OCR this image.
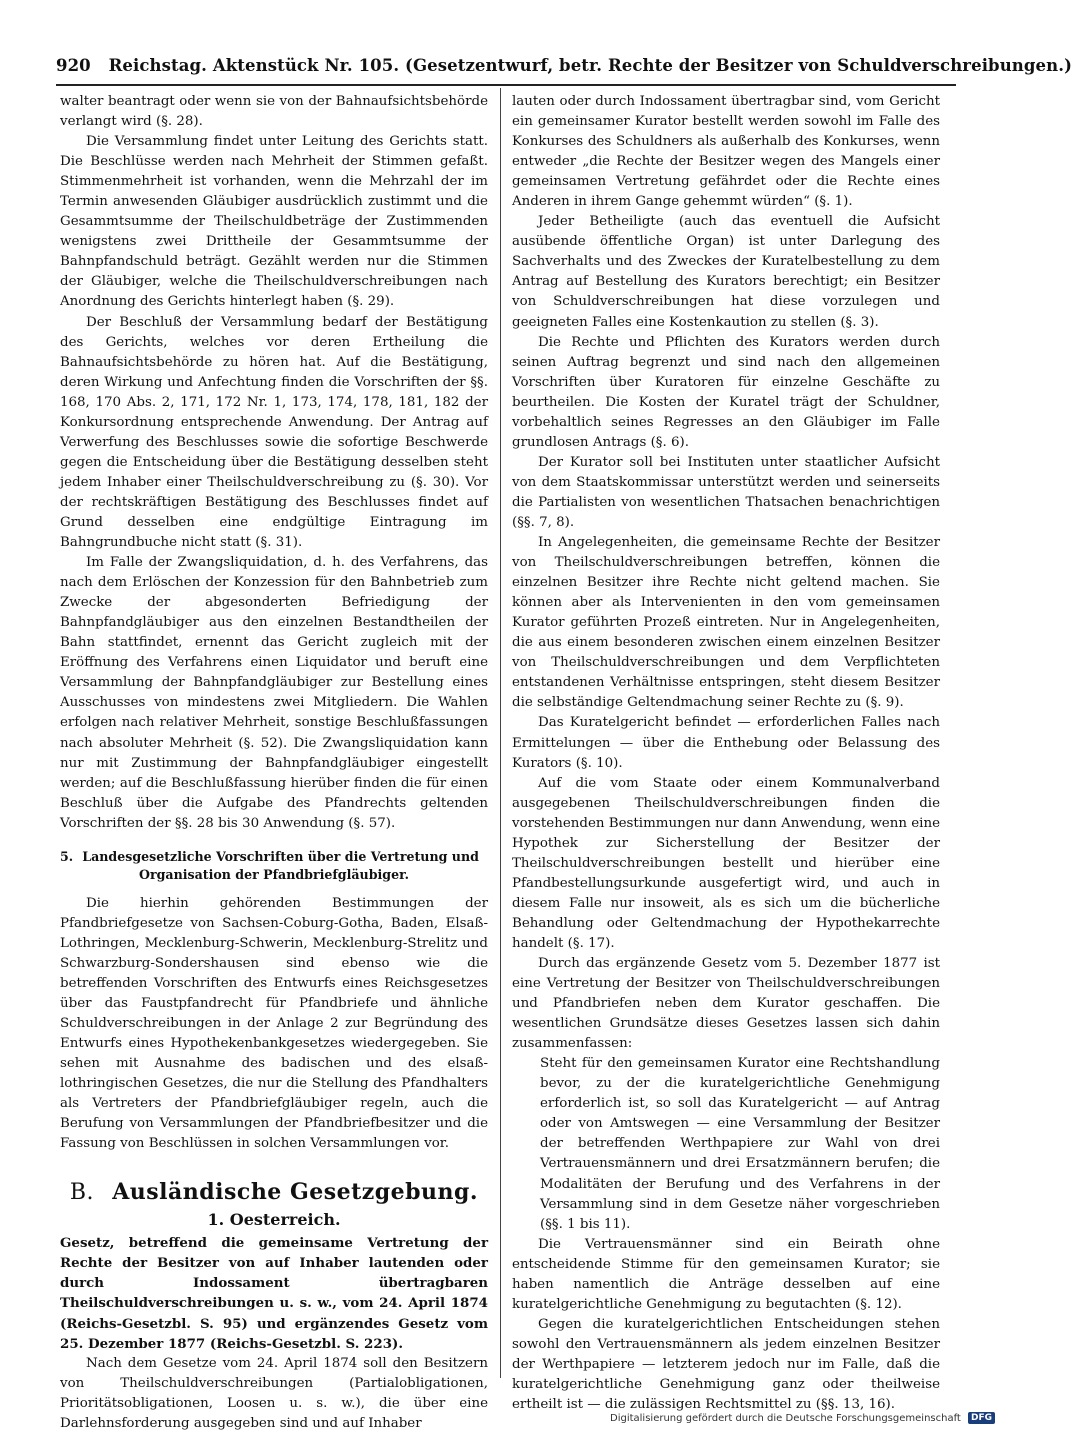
920 Reichstag. Aktenstück Nr. 105. (Gesetzentwurf, betr. Rechte der Besitzer von Schuldverschreibungen.)

walter beantragt oder wenn sie von der Bahnaufsichtsbehörde verlangt wird (§. 28).

Die Versammlung findet unter Leitung des Gerichts statt. Die Beschlüsse werden nach Mehrheit der Stimmen gefaßt. Stimmenmehrheit ist vorhanden, wenn die Mehrzahl der im Termin anwesenden Gläubiger ausdrücklich zustimmt und die Gesammtsumme der Theilschuldbeträge der Zustimmenden wenigstens zwei Drittheile der Gesammtsumme der Bahnpfandschuld beträgt. Gezählt werden nur die Stimmen der Gläubiger, welche die Theilschuldverschreibungen nach Anordnung des Gerichts hinterlegt haben (§. 29).

Der Beschluß der Versammlung bedarf der Bestätigung des Gerichts, welches vor deren Ertheilung die Bahnaufsichtsbehörde zu hören hat. Auf die Bestätigung, deren Wirkung und Anfechtung finden die Vorschriften der §§. 168, 170 Abs. 2, 171, 172 Nr. 1, 173, 174, 178, 181, 182 der Konkursordnung entsprechende Anwendung. Der Antrag auf Verwerfung des Beschlusses sowie die sofortige Beschwerde gegen die Entscheidung über die Bestätigung desselben steht jedem Inhaber einer Theilschuldverschreibung zu (§. 30). Vor der rechtskräftigen Bestätigung des Beschlusses findet auf Grund desselben eine endgültige Eintragung im Bahngrundbuche nicht statt (§. 31).

Im Falle der Zwangsliquidation, d. h. des Verfahrens, das nach dem Erlöschen der Konzession für den Bahnbetrieb zum Zwecke der abgesonderten Befriedigung der Bahnpfandgläubiger aus den einzelnen Bestandtheilen der Bahn stattfindet, ernennt das Gericht zugleich mit der Eröffnung des Verfahrens einen Liquidator und beruft eine Versammlung der Bahnpfandgläubiger zur Bestellung eines Ausschusses von mindestens zwei Mitgliedern. Die Wahlen erfolgen nach relativer Mehrheit, sonstige Beschlußfassungen nach absoluter Mehrheit (§. 52). Die Zwangsliquidation kann nur mit Zustimmung der Bahnpfandgläubiger eingestellt werden; auf die Beschlußfassung hierüber finden die für einen Beschluß über die Aufgabe des Pfandrechts geltenden Vorschriften der §§. 28 bis 30 Anwendung (§. 57).

5. Landesgesetzliche Vorschriften über die Vertretung und Organisation der Pfandbriefgläubiger.

Die hierhin gehörenden Bestimmungen der Pfandbriefgesetze von Sachsen-Coburg-Gotha, Baden, Elsaß-Lothringen, Mecklenburg-Schwerin, Mecklenburg-Strelitz und Schwarzburg-Sondershausen sind ebenso wie die betreffenden Vorschriften des Entwurfs eines Reichsgesetzes über das Faustpfandrecht für Pfandbriefe und ähnliche Schuldverschreibungen in der Anlage 2 zur Begründung des Entwurfs eines Hypothekenbankgesetzes wiedergegeben. Sie sehen mit Ausnahme des badischen und des elsaß-lothringischen Gesetzes, die nur die Stellung des Pfandhalters als Vertreters der Pfandbriefgläubiger regeln, auch die Berufung von Versammlungen der Pfandbriefbesitzer und die Fassung von Beschlüssen in solchen Versammlungen vor.

B. Ausländische Gesetzgebung.
1. Oesterreich.

Gesetz, betreffend die gemeinsame Vertretung der Rechte der Besitzer von auf Inhaber lautenden oder durch Indossament übertragbaren Theilschuldverschreibungen u. s. w., vom 24. April 1874 (Reichs-Gesetzbl. S. 95) und ergänzendes Gesetz vom 25. Dezember 1877 (Reichs-Gesetzbl. S. 223).

Nach dem Gesetze vom 24. April 1874 soll den Besitzern von Theilschuldverschreibungen (Partialobligationen, Prioritätsobligationen, Loosen u. s. w.), die über eine Darlehnsforderung ausgegeben sind und auf Inhaber

lauten oder durch Indossament übertragbar sind, vom Gericht ein gemeinsamer Kurator bestellt werden sowohl im Falle des Konkurses des Schuldners als außerhalb des Konkurses, wenn entweder „die Rechte der Besitzer wegen des Mangels einer gemeinsamen Vertretung gefährdet oder die Rechte eines Anderen in ihrem Gange gehemmt würden“ (§. 1).

Jeder Betheiligte (auch das eventuell die Aufsicht ausübende öffentliche Organ) ist unter Darlegung des Sachverhalts und des Zweckes der Kuratelbestellung zu dem Antrag auf Bestellung des Kurators berechtigt; ein Besitzer von Schuldverschreibungen hat diese vorzulegen und geeigneten Falles eine Kostenkaution zu stellen (§. 3).

Die Rechte und Pflichten des Kurators werden durch seinen Auftrag begrenzt und sind nach den allgemeinen Vorschriften über Kuratoren für einzelne Geschäfte zu beurtheilen. Die Kosten der Kuratel trägt der Schuldner, vorbehaltlich seines Regresses an den Gläubiger im Falle grundlosen Antrags (§. 6).

Der Kurator soll bei Instituten unter staatlicher Aufsicht von dem Staatskommissar unterstützt werden und seinerseits die Partialisten von wesentlichen Thatsachen benachrichtigen (§§. 7, 8).

In Angelegenheiten, die gemeinsame Rechte der Besitzer von Theilschuldverschreibungen betreffen, können die einzelnen Besitzer ihre Rechte nicht geltend machen. Sie können aber als Intervenienten in den vom gemeinsamen Kurator geführten Prozeß eintreten. Nur in Angelegenheiten, die aus einem besonderen zwischen einem einzelnen Besitzer von Theilschuldverschreibungen und dem Verpflichteten entstandenen Verhältnisse entspringen, steht diesem Besitzer die selbständige Geltendmachung seiner Rechte zu (§. 9).

Das Kuratelgericht befindet — erforderlichen Falles nach Ermittelungen — über die Enthebung oder Belassung des Kurators (§. 10).

Auf die vom Staate oder einem Kommunalverband ausgegebenen Theilschuldverschreibungen finden die vorstehenden Bestimmungen nur dann Anwendung, wenn eine Hypothek zur Sicherstellung der Besitzer der Theilschuldverschreibungen bestellt und hierüber eine Pfandbestellungsurkunde ausgefertigt wird, und auch in diesem Falle nur insoweit, als es sich um die bücherliche Behandlung oder Geltendmachung der Hypothekarrechte handelt (§. 17).

Durch das ergänzende Gesetz vom 5. Dezember 1877 ist eine Vertretung der Besitzer von Theilschuldverschreibungen und Pfandbriefen neben dem Kurator geschaffen. Die wesentlichen Grundsätze dieses Gesetzes lassen sich dahin zusammenfassen:

Steht für den gemeinsamen Kurator eine Rechtshandlung bevor, zu der die kuratelgerichtliche Genehmigung erforderlich ist, so soll das Kuratelgericht — auf Antrag oder von Amtswegen — eine Versammlung der Besitzer der betreffenden Werthpapiere zur Wahl von drei Vertrauensmännern und drei Ersatzmännern berufen; die Modalitäten der Berufung und des Verfahrens in der Versammlung sind in dem Gesetze näher vorgeschrieben (§§. 1 bis 11).

Die Vertrauensmänner sind ein Beirath ohne entscheidende Stimme für den gemeinsamen Kurator; sie haben namentlich die Anträge desselben auf eine kuratelgerichtliche Genehmigung zu begutachten (§. 12).

Gegen die kuratelgerichtlichen Entscheidungen stehen sowohl den Vertrauensmännern als jedem einzelnen Besitzer der Werthpapiere — letzterem jedoch nur im Falle, daß die kuratelgerichtliche Genehmigung ganz oder theilweise ertheilt ist — die zulässigen Rechtsmittel zu (§§. 13, 16).

Digitalisierung gefördert durch die Deutsche Forschungsgemeinschaft DFG
